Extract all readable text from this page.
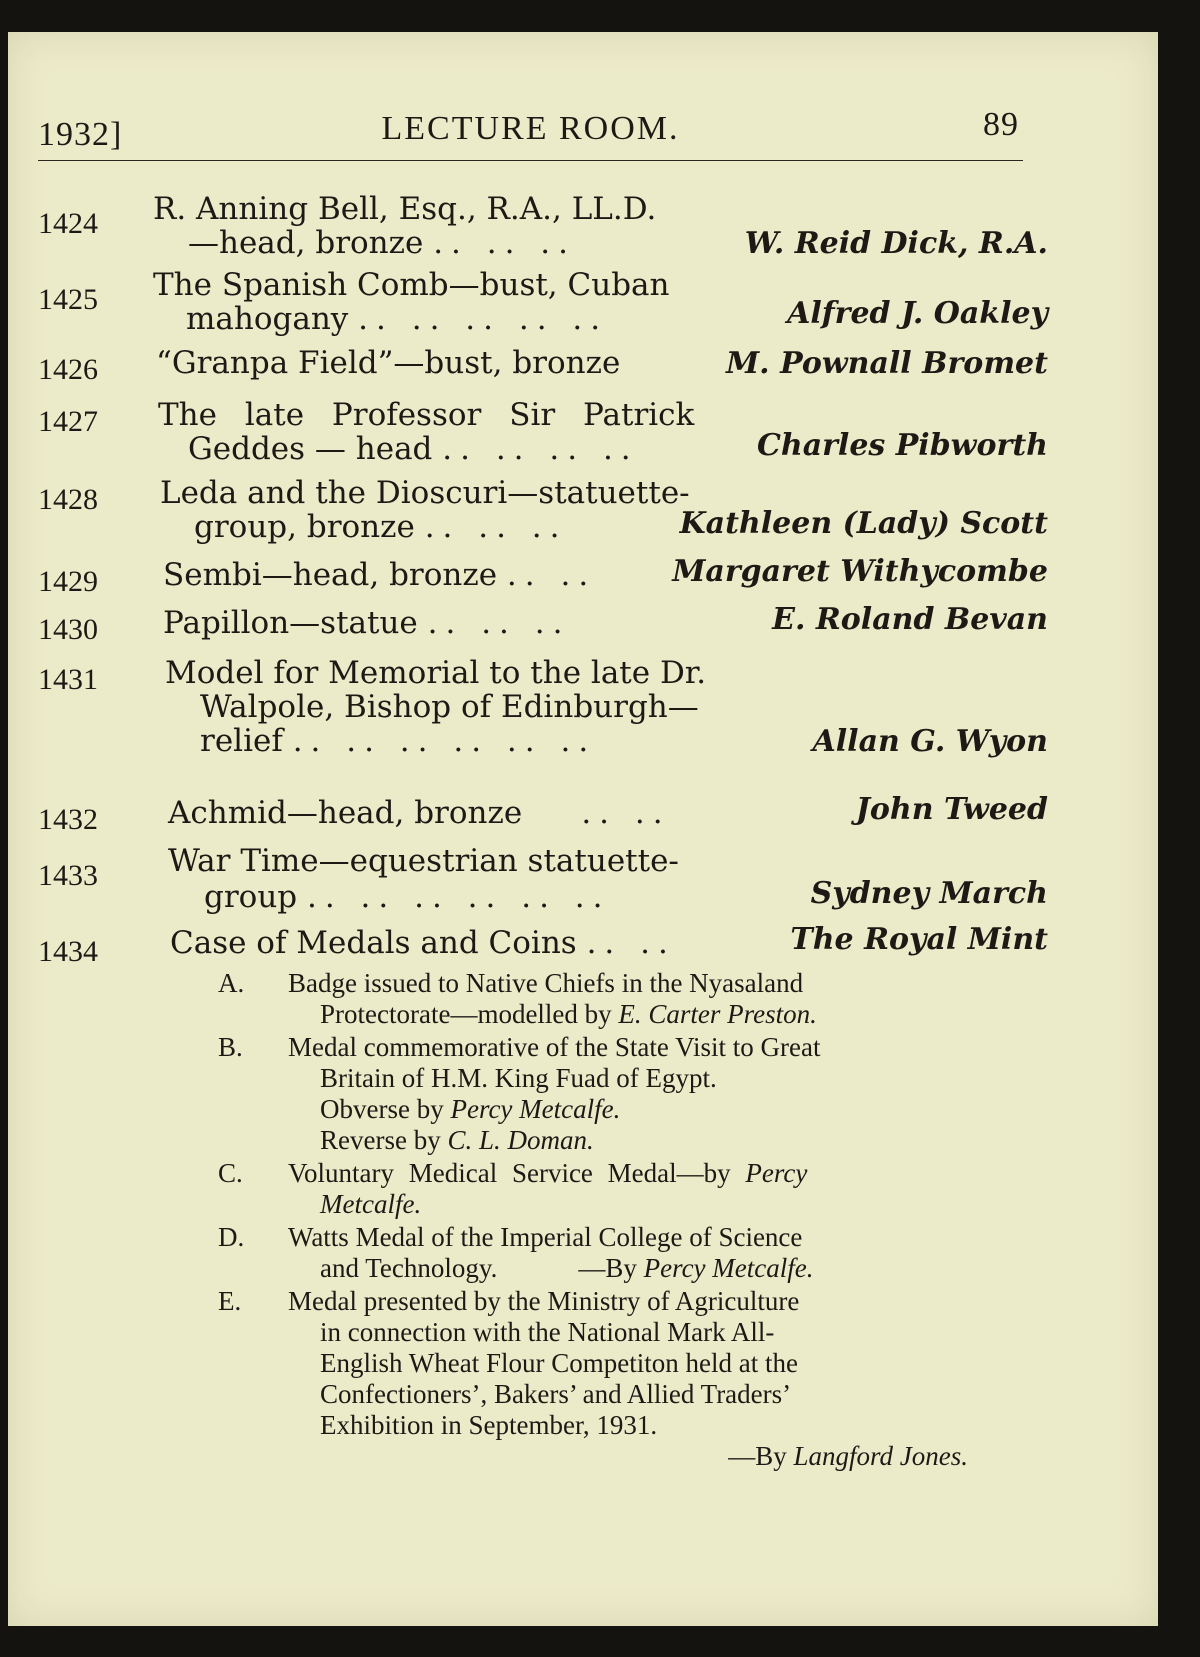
1932]	LECTURE ROOM.	89
1424 R. Anning Bell, Esq., R.A., LL.D.
—head, bronze .. .. ..	W. Reid Dick, R.A.
1425 The Spanish Comb—bust, Cuban
mahogany .. .. .. .. ..	Alfred J. Oakley
1426 “Granpa Field”—bust, bronze	M. Pownall Bromet
1427 The late Professor Sir Patrick
Geddes — head .. .. .. ..	Charles Pibworth
1428 Leda and the Dioscuri—statuette-
group, bronze .. .. ..	Kathleen (Lady) Scott
1429 Sembi—head, bronze .. ..	Margaret Withycombe
1430 Papillon—statue .. .. ..	E. Roland Bevan
1431 Model for Memorial to the late Dr.
Walpole, Bishop of Edinburgh—
relief .. .. .. .. .. ..	Allan G. Wyon
1432 Achmid—head, bronze .. ..	John Tweed
1433 War Time—equestrian statuette-
group .. .. .. .. .. ..	Sydney March
1434 Case of Medals and Coins .. ..	The Royal Mint
A. Badge issued to Native Chiefs in the Nyasaland
Protectorate—modelled by E. Carter Preston.
B. Medal commemorative of the State Visit to Great
Britain of H.M. King Fuad of Egypt.
Obverse by Percy Metcalfe.
Reverse by C. L. Doman.
C. Voluntary Medical Service Medal—by Percy
Metcalfe.
D. Watts Medal of the Imperial College of Science
and Technology.	—By Percy Metcalfe.
E. Medal presented by the Ministry of Agriculture
in connection with the National Mark All-
English Wheat Flour Competiton held at the
Confectioners’, Bakers’ and Allied Traders’
Exhibition in September, 1931.
—By Langford Jones.
